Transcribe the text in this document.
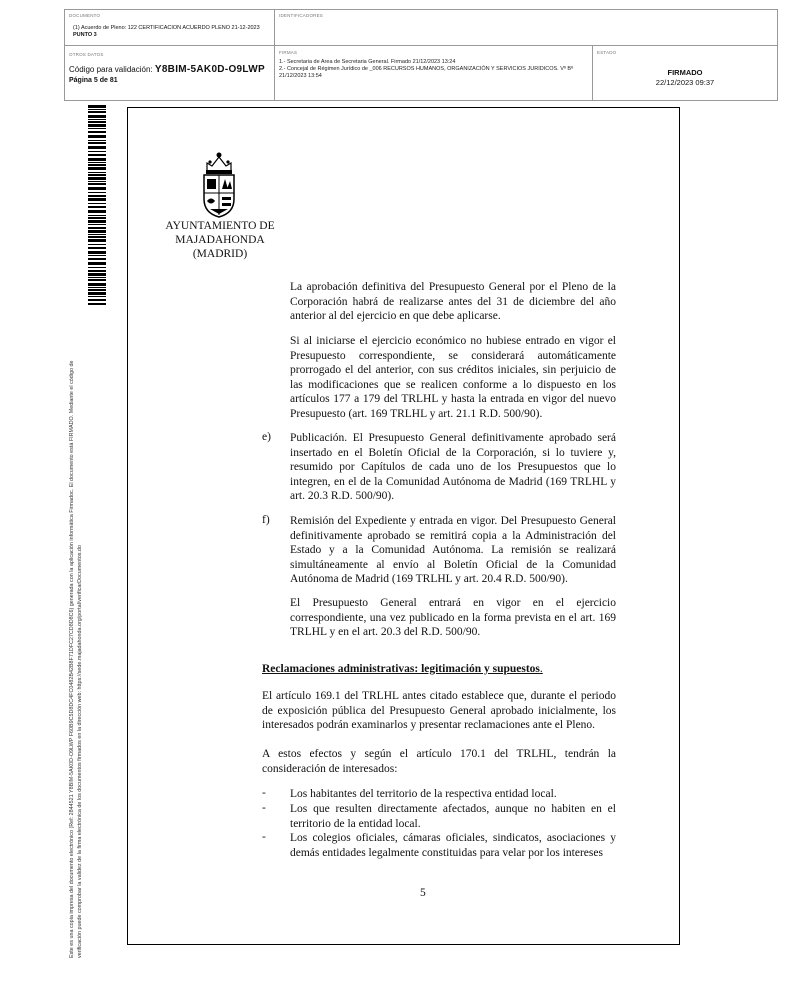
DOCUMENTO
(1) Acuerdo de Pleno: 122 CERTIFICACION ACUERDO PLENO 21-12-2023
PUNTO 3
IDENTIFICADORES
OTROS DATOS
Código para validación: Y8BIM-5AK0D-O9LWP
Página 5 de 81
FIRMAS
1.- Secretaria de Area de Secretaria General. Firmado 21/12/2023 13:24
2.- Concejal de Régimen Jurídico de _006 RECURSOS HUMANOS, ORGANIZACIÓN Y SERVICIOS JURIDICOS. Vº Bº
21/12/2023 13:54
ESTADO
FIRMADO
22/12/2023 09:37
Este es una copia impresa del documento electrónico (Ref: 2844521 Y8BIM-5AK0D-O9LWP F60B9C5D8DC4FC0482B42B8F71DFC27CD8D8C6) generada con la aplicación informática Firmadoc. El documento está FIRMADO. Mediante el código de verificación puede comprobar la validez de la firma electrónica de los documentos firmados en la dirección web: https://sede.majadahonda.org/portal/verificarDocumentos.do
AYUNTAMIENTO DE
MAJADAHONDA
(MADRID)
La aprobación definitiva del Presupuesto General por el Pleno de la Corporación habrá de realizarse antes del 31 de diciembre del año anterior al del ejercicio en que debe aplicarse.
Si al iniciarse el ejercicio económico no hubiese entrado en vigor el Presupuesto correspondiente, se considerará automáticamente prorrogado el del anterior, con sus créditos iniciales, sin perjuicio de las modificaciones que se realicen conforme a lo dispuesto en los artículos 177 a 179 del TRLHL y hasta la entrada en vigor del nuevo Presupuesto (art. 169 TRLHL y art. 21.1 R.D. 500/90).
e) Publicación. El Presupuesto General definitivamente aprobado será insertado en el Boletín Oficial de la Corporación, si lo tuviere y, resumido por Capítulos de cada uno de los Presupuestos que lo integren, en el de la Comunidad Autónoma de Madrid (169 TRLHL y art. 20.3 R.D. 500/90).
f) Remisión del Expediente y entrada en vigor. Del Presupuesto General definitivamente aprobado se remitirá copia a la Administración del Estado y a la Comunidad Autónoma. La remisión se realizará simultáneamente al envío al Boletín Oficial de la Comunidad Autónoma de Madrid (169 TRLHL y art. 20.4 R.D. 500/90).
El Presupuesto General entrará en vigor en el ejercicio correspondiente, una vez publicado en la forma prevista en el art. 169 TRLHL y en el art. 20.3 del R.D. 500/90.
Reclamaciones administrativas: legitimación y supuestos.
El artículo 169.1 del TRLHL antes citado establece que, durante el periodo de exposición pública del Presupuesto General aprobado inicialmente, los interesados podrán examinarlos y presentar reclamaciones ante el Pleno.
A estos efectos y según el artículo 170.1 del TRLHL, tendrán la consideración de interesados:
- Los habitantes del territorio de la respectiva entidad local.
- Los que resulten directamente afectados, aunque no habiten en el territorio de la entidad local.
- Los colegios oficiales, cámaras oficiales, sindicatos, asociaciones y demás entidades legalmente constituidas para velar por los intereses
5
